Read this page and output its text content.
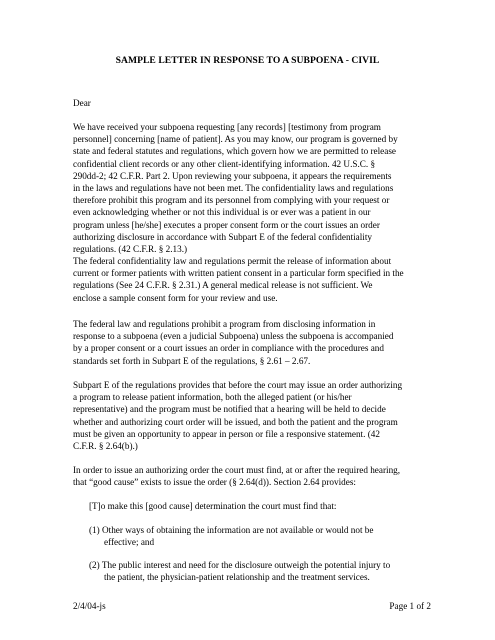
SAMPLE LETTER IN RESPONSE TO A SUBPOENA - CIVIL
Dear
We have received your subpoena requesting [any records] [testimony from program
personnel] concerning [name of patient]. As you may know, our program is governed by
state and federal statutes and regulations, which govern how we are permitted to release
confidential client records or any other client-identifying information. 42 U.S.C. §
290dd-2; 42 C.F.R. Part 2. Upon reviewing your subpoena, it appears the requirements
in the laws and regulations have not been met. The confidentiality laws and regulations
therefore prohibit this program and its personnel from complying with your request or
even acknowledging whether or not this individual is or ever was a patient in our
program unless [he/she] executes a proper consent form or the court issues an order
authorizing disclosure in accordance with Subpart E of the federal confidentiality
regulations. (42 C.F.R. § 2.13.)
The federal confidentiality law and regulations permit the release of information about
current or former patients with written patient consent in a particular form specified in the
regulations (See 24 C.F.R. § 2.31.) A general medical release is not sufficient. We
enclose a sample consent form for your review and use.
The federal law and regulations prohibit a program from disclosing information in
response to a subpoena (even a judicial Subpoena) unless the subpoena is accompanied
by a proper consent or a court issues an order in compliance with the procedures and
standards set forth in Subpart E of the regulations, § 2.61 – 2.67.
Subpart E of the regulations provides that before the court may issue an order authorizing
a program to release patient information, both the alleged patient (or his/her
representative) and the program must be notified that a hearing will be held to decide
whether and authorizing court order will be issued, and both the patient and the program
must be given an opportunity to appear in person or file a responsive statement. (42
C.F.R. § 2.64(b).)
In order to issue an authorizing order the court must find, at or after the required hearing,
that “good cause” exists to issue the order (§ 2.64(d)). Section 2.64 provides:
[T]o make this [good cause] determination the court must find that:
(1) Other ways of obtaining the information are not available or would not be
effective; and
(2) The public interest and need for the disclosure outweigh the potential injury to
the patient, the physician-patient relationship and the treatment services.
2/4/04-js	Page 1 of 2
